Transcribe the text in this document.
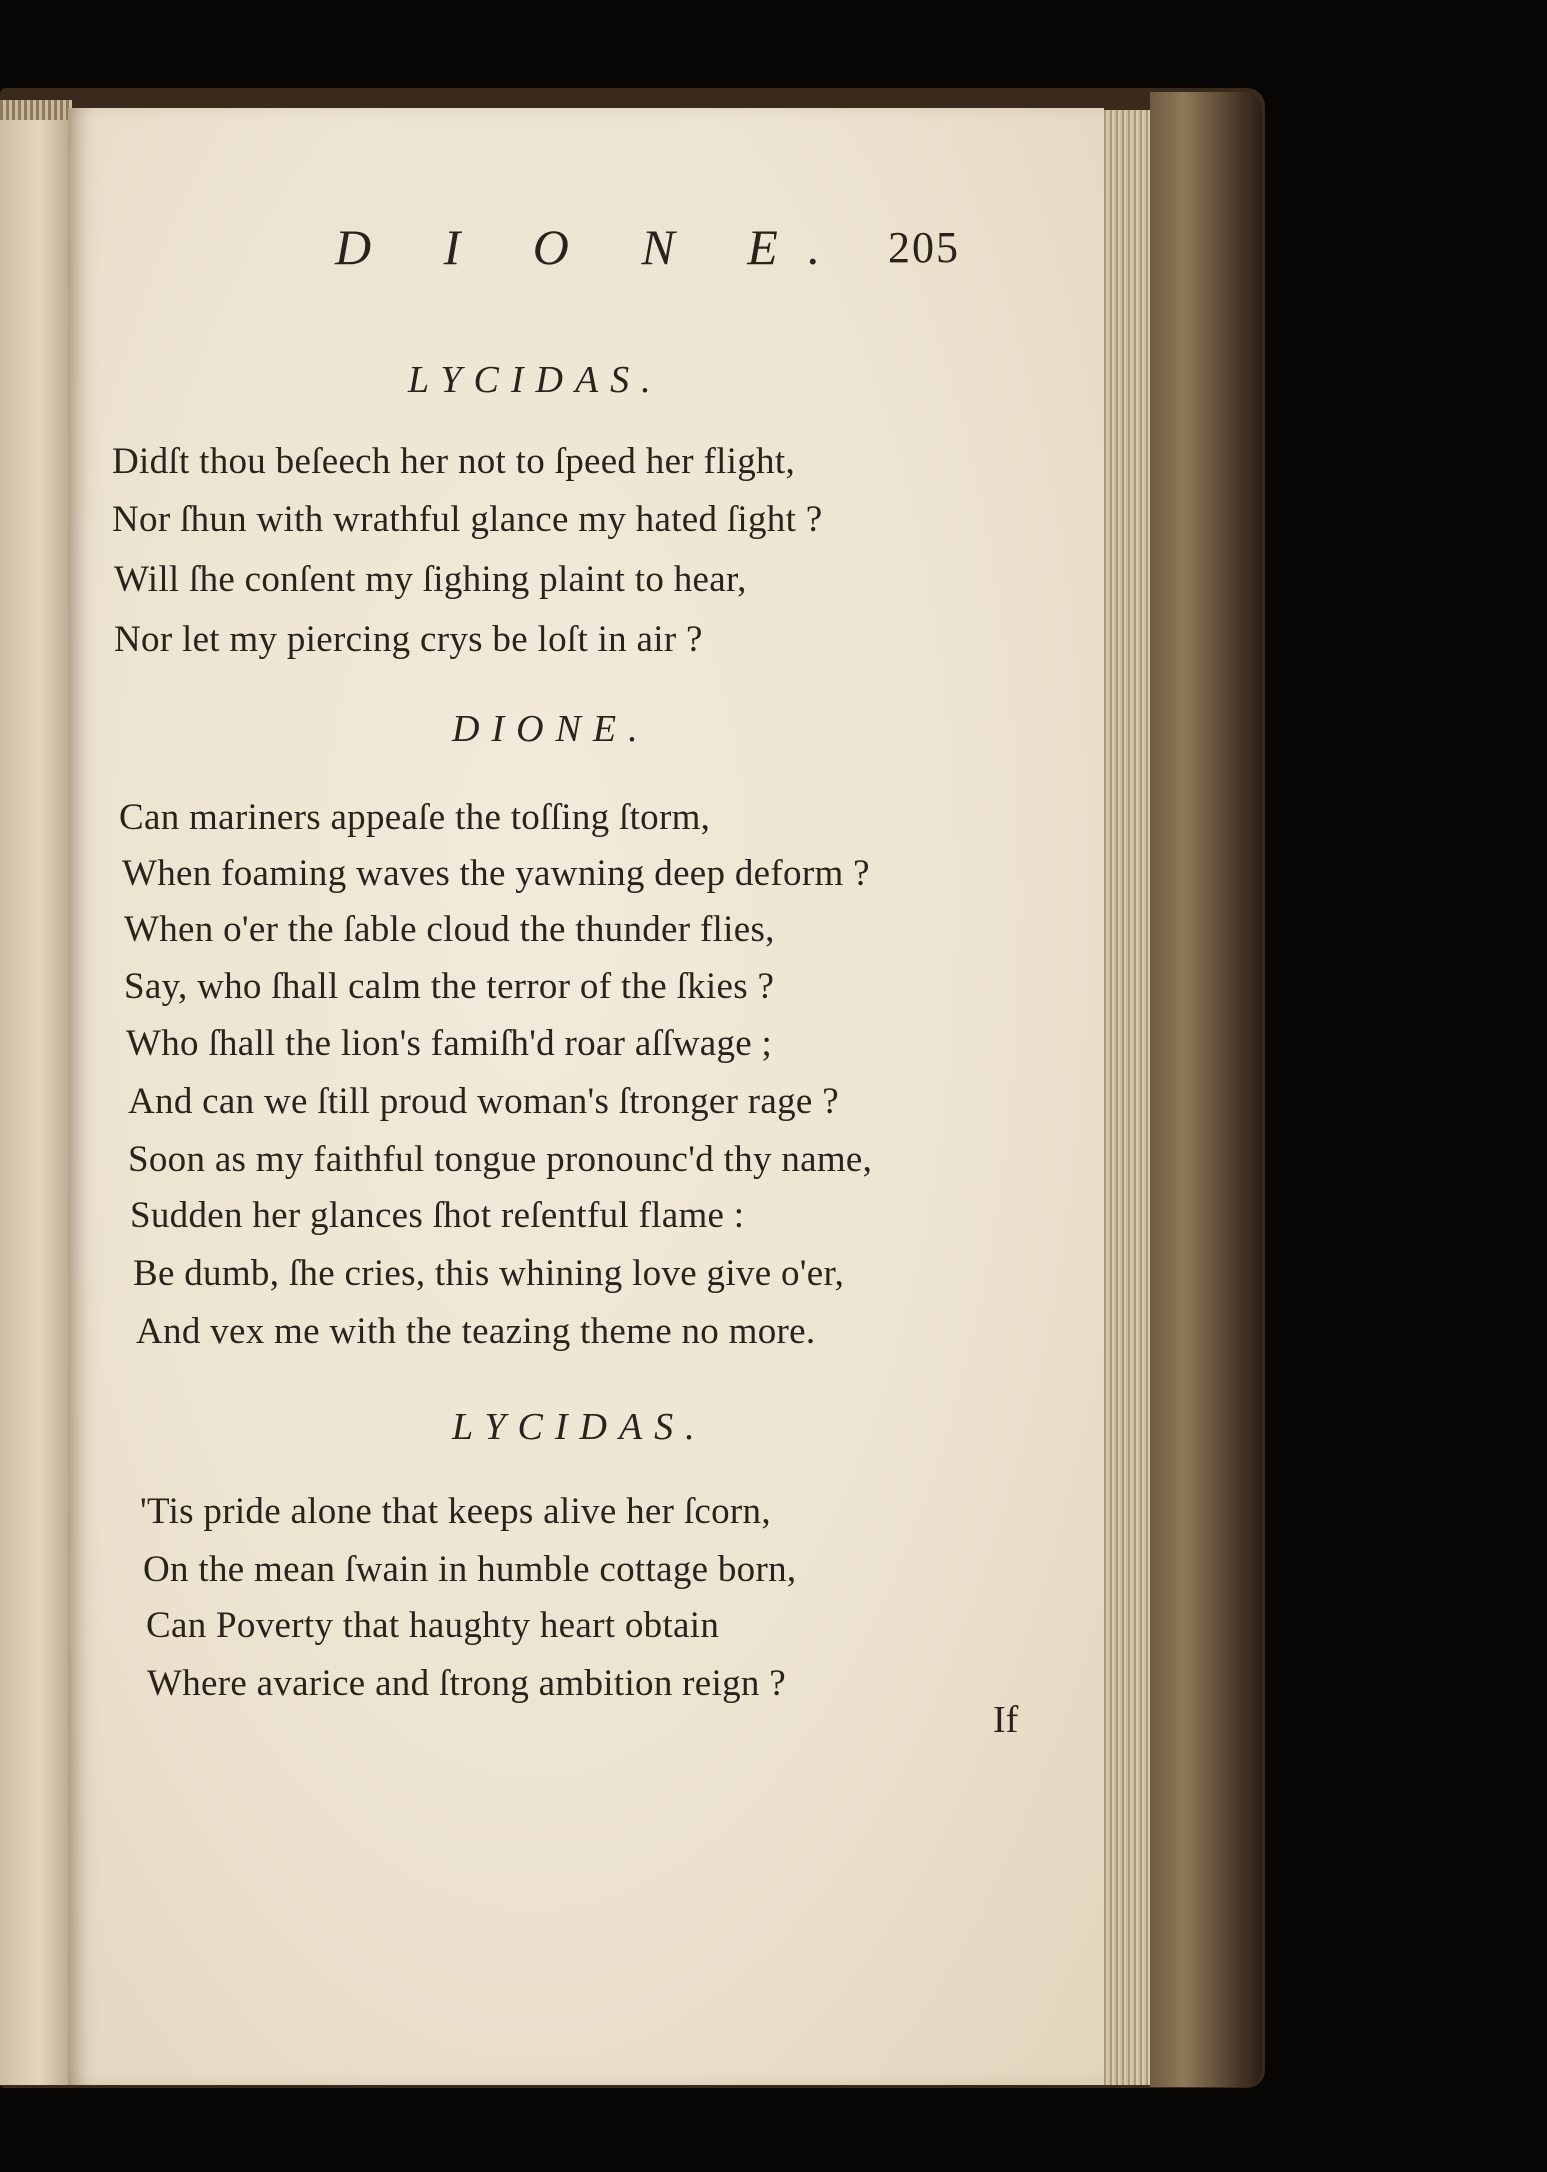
D I O N E. 205
LYCIDAS.
Didſt thou beſeech her not to ſpeed her flight,
Nor ſhun with wrathful glance my hated ſight ?
Will ſhe conſent my ſighing plaint to hear,
Nor let my piercing crys be loſt in air ?
DIONE.
Can mariners appeaſe the toſſing ſtorm,
When foaming waves the yawning deep deform ?
When o'er the ſable cloud the thunder flies,
Say, who ſhall calm the terror of the ſkies ?
Who ſhall the lion's famiſh'd roar aſſwage ;
And can we ſtill proud woman's ſtronger rage ?
Soon as my faithful tongue pronounc'd thy name,
Sudden her glances ſhot reſentful flame :
Be dumb, ſhe cries, this whining love give o'er,
And vex me with the teazing theme no more.
LYCIDAS.
'Tis pride alone that keeps alive her ſcorn,
On the mean ſwain in humble cottage born,
Can Poverty that haughty heart obtain
Where avarice and ſtrong ambition reign ?
If
